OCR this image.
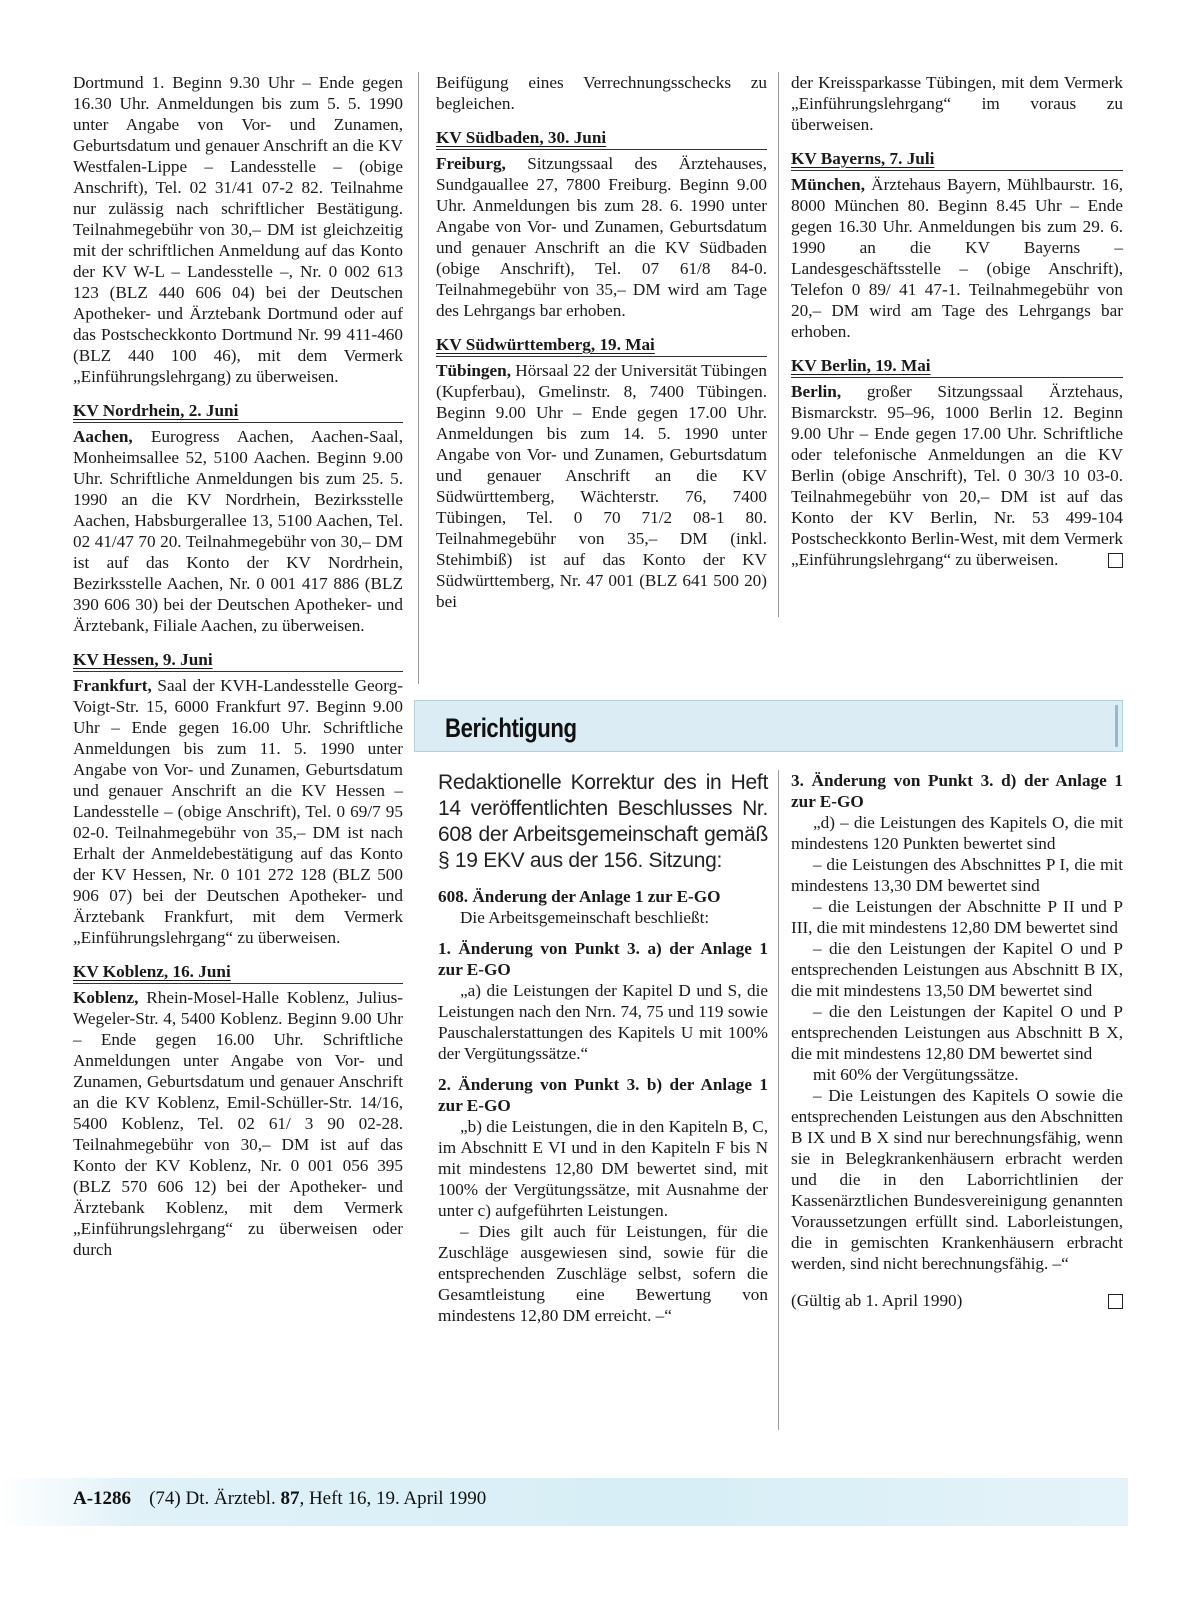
Dortmund 1. Beginn 9.30 Uhr – Ende gegen 16.30 Uhr. Anmeldungen bis zum 5. 5. 1990 unter Angabe von Vor- und Zunamen, Geburtsdatum und genauer Anschrift an die KV Westfalen-Lippe – Landesstelle – (obige Anschrift), Tel. 02 31/41 07-2 82. Teilnahme nur zulässig nach schriftlicher Bestätigung. Teilnahmegebühr von 30,– DM ist gleichzeitig mit der schriftlichen Anmeldung auf das Konto der KV W-L – Landesstelle –, Nr. 0 002 613 123 (BLZ 440 606 04) bei der Deutschen Apotheker- und Ärztebank Dortmund oder auf das Postscheckkonto Dortmund Nr. 99 411-460 (BLZ 440 100 46), mit dem Vermerk „Einführungslehrgang) zu überweisen.

KV Nordrhein, 2. Juni

Aachen, Eurogress Aachen, Aachen-Saal, Monheimsallee 52, 5100 Aachen. Beginn 9.00 Uhr. Schriftliche Anmeldungen bis zum 25. 5. 1990 an die KV Nordrhein, Bezirksstelle Aachen, Habsburgerallee 13, 5100 Aachen, Tel. 02 41/47 70 20. Teilnahmegebühr von 30,– DM ist auf das Konto der KV Nordrhein, Bezirksstelle Aachen, Nr. 0 001 417 886 (BLZ 390 606 30) bei der Deutschen Apotheker- und Ärztebank, Filiale Aachen, zu überweisen.

KV Hessen, 9. Juni

Frankfurt, Saal der KVH-Landesstelle Georg-Voigt-Str. 15, 6000 Frankfurt 97. Beginn 9.00 Uhr – Ende gegen 16.00 Uhr. Schriftliche Anmeldungen bis zum 11. 5. 1990 unter Angabe von Vor- und Zunamen, Geburtsdatum und genauer Anschrift an die KV Hessen – Landesstelle – (obige Anschrift), Tel. 0 69/7 95 02-0. Teilnahmegebühr von 35,– DM ist nach Erhalt der Anmeldebestätigung auf das Konto der KV Hessen, Nr. 0 101 272 128 (BLZ 500 906 07) bei der Deutschen Apotheker- und Ärztebank Frankfurt, mit dem Vermerk „Einführungslehrgang“ zu überweisen.

KV Koblenz, 16. Juni

Koblenz, Rhein-Mosel-Halle Koblenz, Julius-Wegeler-Str. 4, 5400 Koblenz. Beginn 9.00 Uhr – Ende gegen 16.00 Uhr. Schriftliche Anmeldungen unter Angabe von Vor- und Zunamen, Geburtsdatum und genauer Anschrift an die KV Koblenz, Emil-Schüller-Str. 14/16, 5400 Koblenz, Tel. 02 61/ 3 90 02-28. Teilnahmegebühr von 30,– DM ist auf das Konto der KV Koblenz, Nr. 0 001 056 395 (BLZ 570 606 12) bei der Apotheker- und Ärztebank Koblenz, mit dem Vermerk „Einführungslehrgang“ zu überweisen oder durch

Beifügung eines Verrechnungsschecks zu begleichen.

KV Südbaden, 30. Juni

Freiburg, Sitzungssaal des Ärztehauses, Sundgauallee 27, 7800 Freiburg. Beginn 9.00 Uhr. Anmeldungen bis zum 28. 6. 1990 unter Angabe von Vor- und Zunamen, Geburtsdatum und genauer Anschrift an die KV Südbaden (obige Anschrift), Tel. 07 61/8 84-0. Teilnahmegebühr von 35,– DM wird am Tage des Lehrgangs bar erhoben.

KV Südwürttemberg, 19. Mai

Tübingen, Hörsaal 22 der Universität Tübingen (Kupferbau), Gmelinstr. 8, 7400 Tübingen. Beginn 9.00 Uhr – Ende gegen 17.00 Uhr. Anmeldungen bis zum 14. 5. 1990 unter Angabe von Vor- und Zunamen, Geburtsdatum und genauer Anschrift an die KV Südwürttemberg, Wächterstr. 76, 7400 Tübingen, Tel. 0 70 71/2 08-1 80. Teilnahmegebühr von 35,– DM (inkl. Stehimbiß) ist auf das Konto der KV Südwürttemberg, Nr. 47 001 (BLZ 641 500 20) bei

der Kreissparkasse Tübingen, mit dem Vermerk „Einführungslehrgang“ im voraus zu überweisen.

KV Bayerns, 7. Juli

München, Ärztehaus Bayern, Mühlbaurstr. 16, 8000 München 80. Beginn 8.45 Uhr – Ende gegen 16.30 Uhr. Anmeldungen bis zum 29. 6. 1990 an die KV Bayerns – Landesgeschäftsstelle – (obige Anschrift), Telefon 0 89/ 41 47-1. Teilnahmegebühr von 20,– DM wird am Tage des Lehrgangs bar erhoben.

KV Berlin, 19. Mai

Berlin, großer Sitzungssaal Ärztehaus, Bismarckstr. 95–96, 1000 Berlin 12. Beginn 9.00 Uhr – Ende gegen 17.00 Uhr. Schriftliche oder telefonische Anmeldungen an die KV Berlin (obige Anschrift), Tel. 0 30/3 10 03-0. Teilnahmegebühr von 20,– DM ist auf das Konto der KV Berlin, Nr. 53 499-104 Postscheckkonto Berlin-West, mit dem Vermerk „Einführungslehrgang“ zu überweisen.

Berichtigung
Redaktionelle Korrektur des in Heft 14 veröffentlichten Beschlusses Nr. 608 der Arbeitsgemeinschaft gemäß § 19 EKV aus der 156. Sitzung:

608. Änderung der Anlage 1 zur E-GO

Die Arbeitsgemeinschaft beschließt:

1. Änderung von Punkt 3. a) der Anlage 1 zur E-GO

„a) die Leistungen der Kapitel D und S, die Leistungen nach den Nrn. 74, 75 und 119 sowie Pauschalerstattungen des Kapitels U mit 100% der Vergütungssätze.“

2. Änderung von Punkt 3. b) der Anlage 1 zur E-GO

„b) die Leistungen, die in den Kapiteln B, C, im Abschnitt E VI und in den Kapiteln F bis N mit mindestens 12,80 DM bewertet sind, mit 100% der Vergütungssätze, mit Ausnahme der unter c) aufgeführten Leistungen.

– Dies gilt auch für Leistungen, für die Zuschläge ausgewiesen sind, sowie für die entsprechenden Zuschläge selbst, sofern die Gesamtleistung eine Bewertung von mindestens 12,80 DM erreicht. –“

3. Änderung von Punkt 3. d) der Anlage 1 zur E-GO

„d) – die Leistungen des Kapitels O, die mit mindestens 120 Punkten bewertet sind

– die Leistungen des Abschnittes P I, die mit mindestens 13,30 DM bewertet sind

– die Leistungen der Abschnitte P II und P III, die mit mindestens 12,80 DM bewertet sind

– die den Leistungen der Kapitel O und P entsprechenden Leistungen aus Abschnitt B IX, die mit mindestens 13,50 DM bewertet sind

– die den Leistungen der Kapitel O und P entsprechenden Leistungen aus Abschnitt B X, die mit mindestens 12,80 DM bewertet sind

mit 60% der Vergütungssätze.

– Die Leistungen des Kapitels O sowie die entsprechenden Leistungen aus den Abschnitten B IX und B X sind nur berechnungsfähig, wenn sie in Belegkrankenhäusern erbracht werden und die in den Laborrichtlinien der Kassenärztlichen Bundesvereinigung genannten Voraussetzungen erfüllt sind. Laborleistungen, die in gemischten Krankenhäusern erbracht werden, sind nicht berechnungsfähig. –“

(Gültig ab 1. April 1990)

A-1286 (74) Dt. Ärztebl. 87, Heft 16, 19. April 1990
